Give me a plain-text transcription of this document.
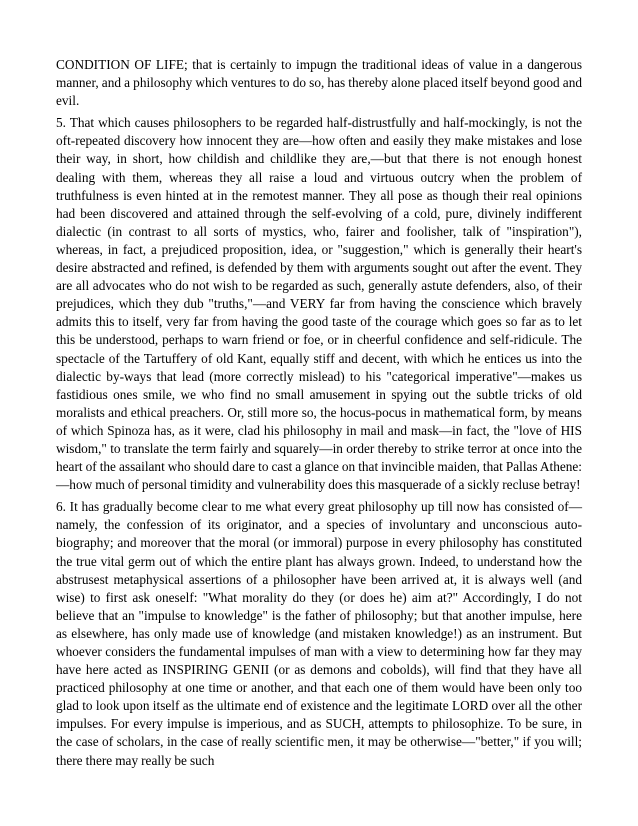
CONDITION OF LIFE; that is certainly to impugn the traditional ideas of value in a dangerous manner, and a philosophy which ventures to do so, has thereby alone placed itself beyond good and evil.

5. That which causes philosophers to be regarded half-distrustfully and half-mockingly, is not the oft-repeated discovery how innocent they are—how often and easily they make mistakes and lose their way, in short, how childish and childlike they are,—but that there is not enough honest dealing with them, whereas they all raise a loud and virtuous outcry when the problem of truthfulness is even hinted at in the remotest manner. They all pose as though their real opinions had been discovered and attained through the self-evolving of a cold, pure, divinely indifferent dialectic (in contrast to all sorts of mystics, who, fairer and foolisher, talk of "inspiration"), whereas, in fact, a prejudiced proposition, idea, or "suggestion," which is generally their heart's desire abstracted and refined, is defended by them with arguments sought out after the event. They are all advocates who do not wish to be regarded as such, generally astute defenders, also, of their prejudices, which they dub "truths,"—and VERY far from having the conscience which bravely admits this to itself, very far from having the good taste of the courage which goes so far as to let this be understood, perhaps to warn friend or foe, or in cheerful confidence and self-ridicule. The spectacle of the Tartuffery of old Kant, equally stiff and decent, with which he entices us into the dialectic by-ways that lead (more correctly mislead) to his "categorical imperative"—makes us fastidious ones smile, we who find no small amusement in spying out the subtle tricks of old moralists and ethical preachers. Or, still more so, the hocus-pocus in mathematical form, by means of which Spinoza has, as it were, clad his philosophy in mail and mask—in fact, the "love of HIS wisdom," to translate the term fairly and squarely—in order thereby to strike terror at once into the heart of the assailant who should dare to cast a glance on that invincible maiden, that Pallas Athene:—how much of personal timidity and vulnerability does this masquerade of a sickly recluse betray!

6. It has gradually become clear to me what every great philosophy up till now has consisted of—namely, the confession of its originator, and a species of involuntary and unconscious auto-biography; and moreover that the moral (or immoral) purpose in every philosophy has constituted the true vital germ out of which the entire plant has always grown. Indeed, to understand how the abstrusest metaphysical assertions of a philosopher have been arrived at, it is always well (and wise) to first ask oneself: "What morality do they (or does he) aim at?" Accordingly, I do not believe that an "impulse to knowledge" is the father of philosophy; but that another impulse, here as elsewhere, has only made use of knowledge (and mistaken knowledge!) as an instrument. But whoever considers the fundamental impulses of man with a view to determining how far they may have here acted as INSPIRING GENII (or as demons and cobolds), will find that they have all practiced philosophy at one time or another, and that each one of them would have been only too glad to look upon itself as the ultimate end of existence and the legitimate LORD over all the other impulses. For every impulse is imperious, and as SUCH, attempts to philosophize. To be sure, in the case of scholars, in the case of really scientific men, it may be otherwise—"better," if you will; there there may really be such
